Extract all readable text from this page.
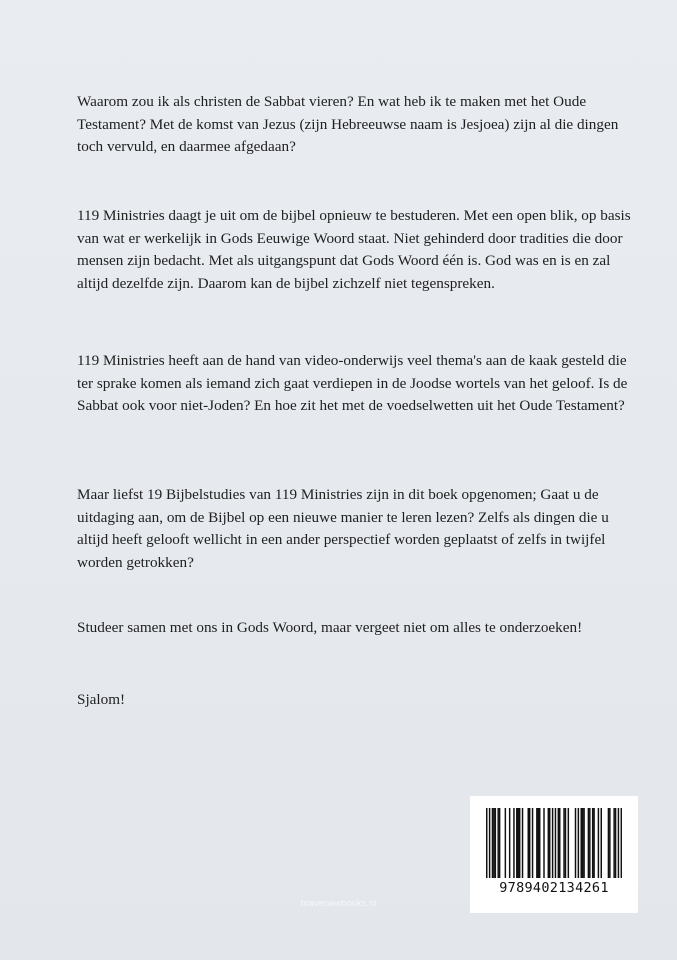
Waarom zou ik als christen de Sabbat vieren? En wat heb ik te maken met het Oude Testament? Met de komst van Jezus (zijn Hebreeuwse naam is Jesjoea) zijn al die dingen toch vervuld, en daarmee afgedaan?

119 Ministries daagt je uit om de bijbel opnieuw te bestuderen. Met een open blik, op basis van wat er werkelijk in Gods Eeuwige Woord staat. Niet gehinderd door tradities die door mensen zijn bedacht. Met als uitgangspunt dat Gods Woord één is. God was en is en zal altijd dezelfde zijn. Daarom kan de bijbel zichzelf niet tegenspreken.

119 Ministries heeft aan de hand van video-onderwijs veel thema's aan de kaak gesteld die ter sprake komen als iemand zich gaat verdiepen in de Joodse wortels van het geloof. Is de Sabbat ook voor niet-Joden? En hoe zit het met de voedselwetten uit het Oude Testament?

Maar liefst 19 Bijbelstudies van 119 Ministries zijn in dit boek opgenomen; Gaat u de uitdaging aan, om de Bijbel op een nieuwe manier te leren lezen? Zelfs als dingen die u altijd heeft gelooft wellicht in een ander perspectief worden geplaatst of zelfs in twijfel worden getrokken?

Studeer samen met ons in Gods Woord, maar vergeet niet om alles te onderzoeken!

Sjalom!

9789402134261
bravenewbooks.nl
